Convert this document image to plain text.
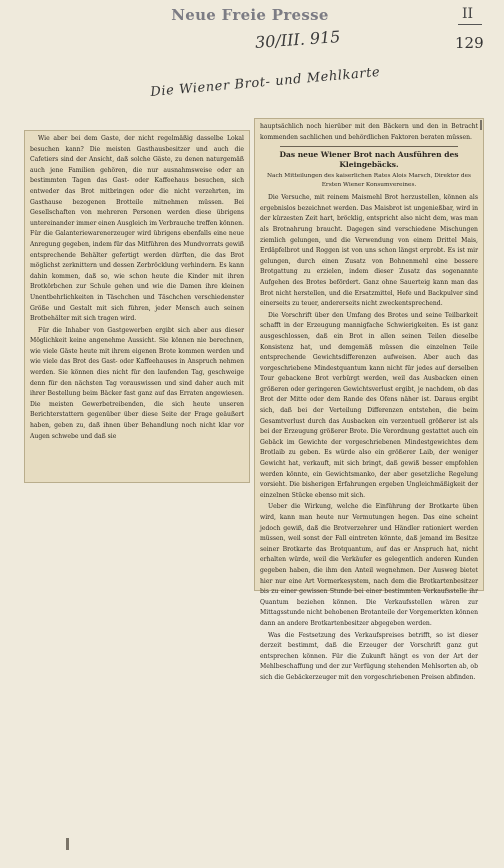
Neue Freie Presse	II
129
30/III. 915
Die Wiener Brot- und Mehlkarte

Wie aber bei dem Gaste, der nicht regelmäßig dasselbe Lokal besuchen kann? Die meisten Gasthausbesitzer und auch die Cafetiers sind der Ansicht, daß solche Gäste, zu denen naturgemäß auch jene Familien gehören, die nur ausnahmsweise oder an bestimmten Tagen das Gast- oder Kaffeehaus besuchen, sich entweder das Brot mitbringen oder die nicht verzehrten, im Gasthause bezogenen Brotteile mitnehmen müssen. Bei Gesellschaften von mehreren Personen werden diese übrigens untereinander immer einen Ausgleich im Verbrauche treffen können. Für die Galanteriewarenerzeuger wird übrigens ebenfalls eine neue Anregung gegeben, indem für das Mitführen des Mundvorrats gewiß entsprechende Behälter gefertigt werden dürften, die das Brot möglichst zerknittern und dessen Zerbröcklung verhindern. Es kann dahin kommen, daß so, wie schon heute die Kinder mit ihren Brotkörbchen zur Schule gehen und wie die Damen ihre kleinen Unentbehrlichkeiten in Täschchen und Täschchen verschiedenster Größe und Gestalt mit sich führen, jeder Mensch auch seinen Brotbehälter mit sich tragen wird.

Für die Inhaber von Gastgewerben ergibt sich aber aus dieser Möglichkeit keine angenehme Aussicht. Sie können nie berechnen, wie viele Gäste heute mit ihrem eigenen Brote kommen werden und wie viele das Brot des Gast- oder Kaffeehauses in Anspruch nehmen werden. Sie können dies nicht für den laufenden Tag, geschweige denn für den nächsten Tag vorauswissen und sind daher auch mit ihrer Bestellung beim Bäcker fast ganz auf das Erraten angewiesen. Die meisten Gewerbetreibenden, die sich heute unseren Berichterstattern gegenüber über diese Seite der Frage geäußert haben, geben zu, daß ihnen über Behandlung noch nicht klar vor Augen schwebe und daß sie

hauptsächlich noch hierüber mit den Bäckern und den in Betracht kommenden sachlichen und behördlichen Faktoren beraten müssen.

Das neue Wiener Brot nach Ausführen des Kleingebäcks.
Nach Mitteilungen des kaiserlichen Rates Alois Marsch, Direktor des Ersten Wiener Konsumvereines.

Die Versuche, mit reinem Maismehl Brot herzustellen, können als ergebnislos bezeichnet werden. Das Maisbrot ist ungenießbar, wird in der kürzesten Zeit hart, bröcklig, entspricht also nicht dem, was man als Brotnahrung braucht. Dagegen sind verschiedene Mischungen ziemlich gelungen, und die Verwendung von einem Drittel Mais, Erdäpfelbrot und Roggen ist von uns schon längst erprobt. Es ist mir gelungen, durch einen Zusatz von Bohnenmehl eine bessere Brotgattung zu erzielen, indem dieser Zusatz das sogenannte Aufgehen des Brotes befördert. Ganz ohne Sauerteig kann man das Brot nicht herstellen, und die Ersatzmittel, Hefe und Backpulver sind einerseits zu teuer, andererseits nicht zweckentsprechend.

Die Vorschrift über den Umfang des Brotes und seine Teilbarkeit schafft in der Erzeugung mannigfache Schwierigkeiten. Es ist ganz ausgeschlossen, daß ein Brot in allen seinen Teilen dieselbe Konsistenz hat, und demgemäß müssen die einzelnen Teile entsprechende Gewichtsdifferenzen aufweisen. Aber auch das vorgeschriebene Mindestquantum kann nicht für jedes auf derselben Tour gebackene Brot verbürgt werden, weil das Ausbacken einen größeren oder geringeren Gewichtsverlust ergibt, je nachdem, ob das Brot der Mitte oder dem Rande des Ofens näher ist. Daraus ergibt sich, daß bei der Verteilung Differenzen entstehen, die beim Gesamtverlust durch das Ausbacken ein verzentuell größerer ist als bei der Erzeugung größerer Brote. Die Verordnung gestattet auch ein Gebäck im Gewichte der vorgeschriebenen Mindestgewichtes dem Brotlaib zu geben. Es würde also ein größerer Laib, der weniger Gewicht hat, verkauft, mit sich bringt, daß gewiß besser empfohlen werden könnte, ein Gewichtsmanko, der aber gesetzliche Regelung vorsieht. Die bisherigen Erfahrungen ergeben Ungleichmäßigkeit der einzelnen Stücke ebenso mit sich.

Ueber die Wirkung, welche die Einführung der Brotkarte üben wird, kann man heute nur Vermutungen hegen. Das eine scheint jedoch gewiß, daß die Brotverzehrer und Händler rationiert werden müssen, weil sonst der Fall eintreten könnte, daß jemand im Besitze seiner Brotkarte das Brotquantum, auf das er Anspruch hat, nicht erhalten würde, weil die Verkäufer es gelegentlich anderen Kunden gegeben haben, die ihm den Anteil wegnehmen. Der Ausweg bietet hier nur eine Art Vormerkesystem, nach dem die Brotkartenbesitzer bis zu einer gewissen Stunde bei einer bestimmten Verkaufsstelle ihr Quantum beziehen können. Die Verkaufsstellen wären zur Mittagsstunde nicht behobenen Brotanteile der Vorgemerkten können dann an andere Brotkartenbesitzer abgegeben werden.

Was die Festsetzung des Verkaufspreises betrifft, so ist dieser derzeit bestimmt, daß die Erzeuger der Vorschrift ganz gut entsprechen können. Für die Zukunft hängt es von der Art der Mehlbeschaffung und der zur Verfügung stehenden Mehlsorten ab, ob sich die Gebäckerzeuger mit den vorgeschriebenen Preisen abfinden.
